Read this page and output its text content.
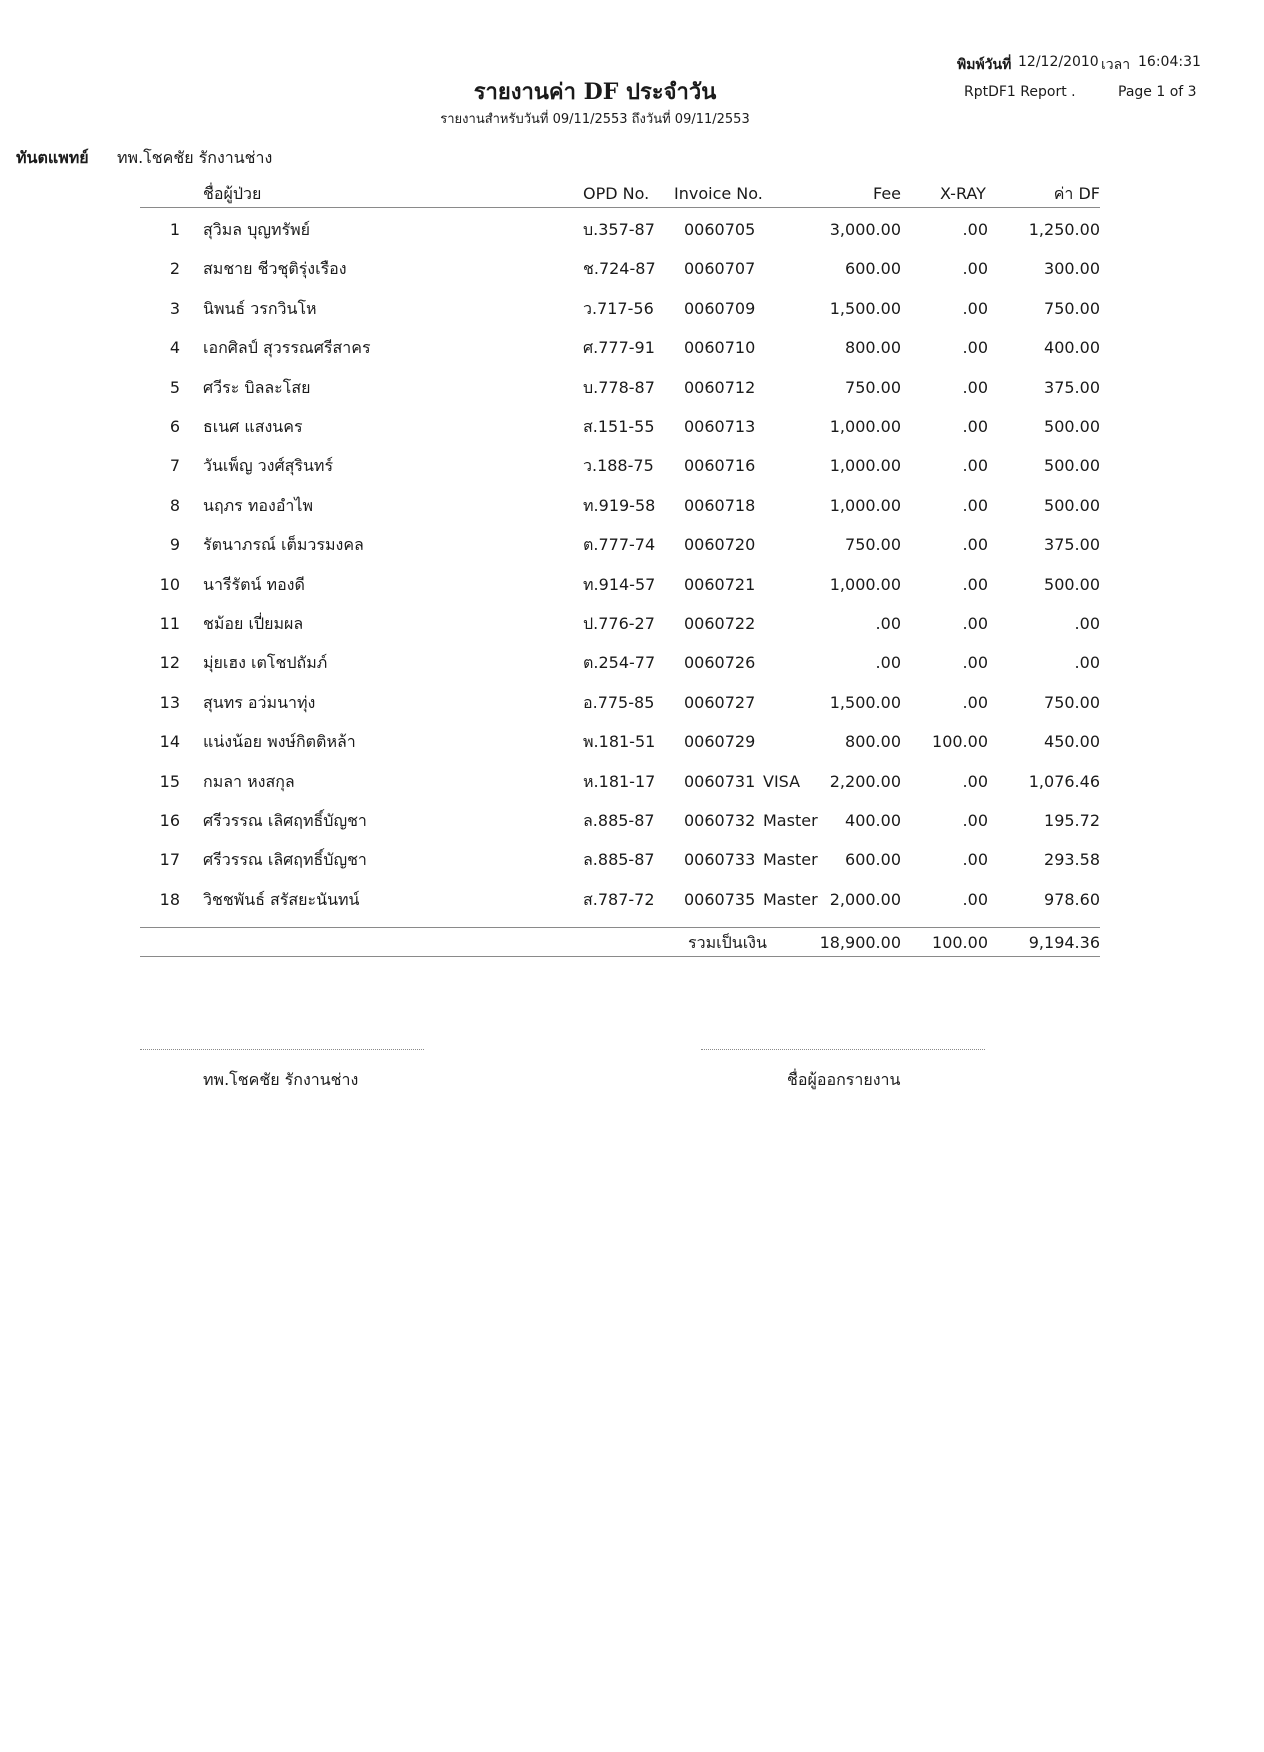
พิมพ์วันที่ 12/12/2010 เวลา 16:04:31
RptDF1 Report .	Page 1 of 3
รายงานค่า DF ประจำวัน
รายงานสำหรับวันที่ 09/11/2553 ถึงวันที่ 09/11/2553
ทันตแพทย์ ทพ.โชคชัย รักงานช่าง
ชื่อผู้ป่วย	OPD No. Invoice No.	Fee X-RAY	ค่า DF
1 สุวิมล บุญทรัพย์	บ.357-87 0060705	3,000.00	.00	1,250.00
2 สมชาย ชีวชุติรุ่งเรือง	ช.724-87 0060707	600.00	.00	300.00
3 นิพนธ์ วรกวินโห	ว.717-56 0060709	1,500.00	.00	750.00
4 เอกศิลป์ สุวรรณศรีสาคร	ศ.777-91 0060710	800.00	.00	400.00
5 ศวีระ บิลละโสย	บ.778-87 0060712	750.00	.00	375.00
6 ธเนศ แสงนคร	ส.151-55 0060713	1,000.00	.00	500.00
7 วันเพ็ญ วงศ์สุรินทร์	ว.188-75 0060716	1,000.00	.00	500.00
8 นฤภร ทองอำไพ	ท.919-58 0060718	1,000.00	.00	500.00
9 รัตนาภรณ์ เต็มวรมงคล	ต.777-74 0060720	750.00	.00	375.00
10 นารีรัตน์ ทองดี	ท.914-57 0060721	1,000.00	.00	500.00
11 ชม้อย เปี่ยมผล	ป.776-27 0060722	.00	.00	.00
12 มุ่ยเฮง เตโชปถัมภ์	ต.254-77 0060726	.00	.00	.00
13 สุนทร อว่มนาทุ่ง	อ.775-85 0060727	1,500.00	.00	750.00
14 แน่งน้อย พงษ์กิตติหล้า	พ.181-51 0060729	800.00 100.00	450.00
15 กมลา หงสกุล	ห.181-17 0060731 VISA	2,200.00	.00	1,076.46
16 ศรีวรรณ เลิศฤทธิ์บัญชา	ล.885-87 0060732 Master	400.00	.00	195.72
17 ศรีวรรณ เลิศฤทธิ์บัญชา	ล.885-87 0060733 Master	600.00	.00	293.58
18 วิชชพันธ์ สรัสยะนันทน์	ส.787-72 0060735 Master 2,000.00	.00	978.60
รวมเป็นเงิน	18,900.00 100.00	9,194.36
ทพ.โชคชัย รักงานช่าง	ชื่อผู้ออกรายงาน
